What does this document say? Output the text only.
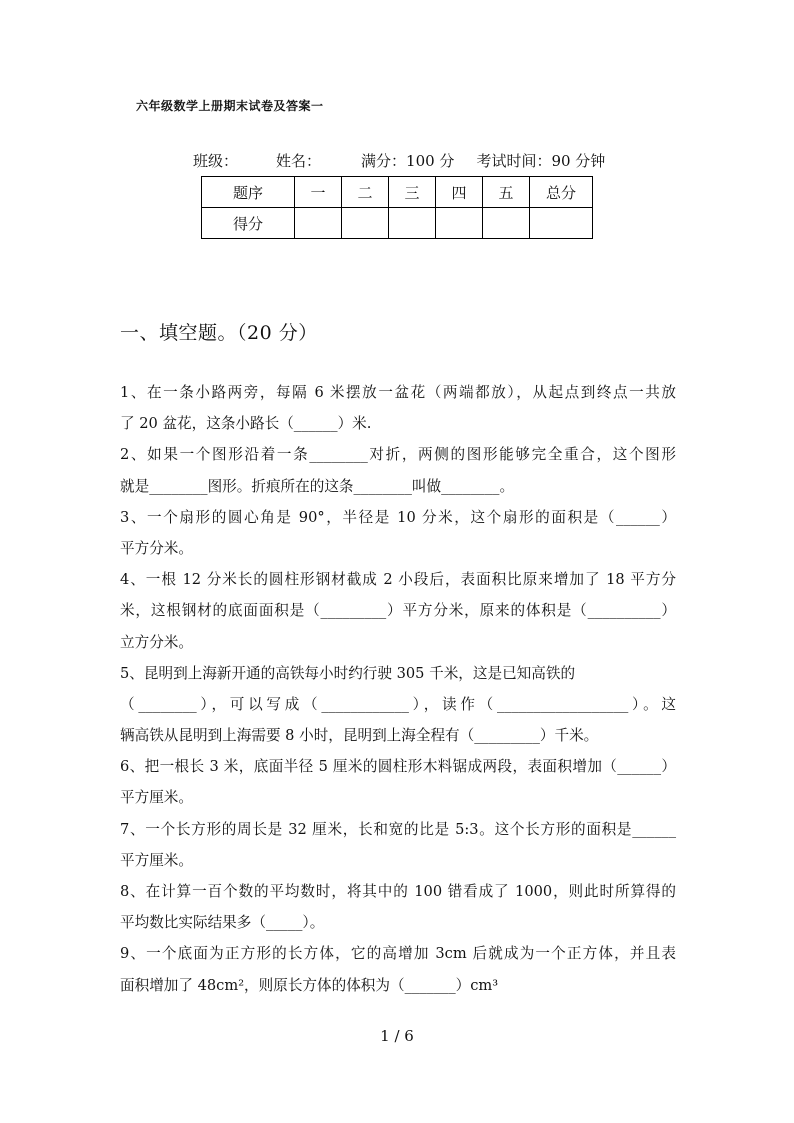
六年级数学上册期末试卷及答案一
班级：	姓名：	满分：100 分 考试时间：90 分钟
题序	一	二	三	四	五	总分
得分						
一、填空题。（20 分）
1、在一条小路两旁，每隔 6 米摆放一盆花（两端都放），从起点到终点一共放
了 20 盆花，这条小路长（______）米.
2、如果一个图形沿着一条________对折，两侧的图形能够完全重合，这个图形
就是________图形。折痕所在的这条________叫做________。
3、一个扇形的圆心角是 90°，半径是 10 分米，这个扇形的面积是（______）
平方分米。
4、一根 12 分米长的圆柱形钢材截成 2 小段后，表面积比原来增加了 18 平方分
米，这根钢材的底面面积是（_________）平方分米，原来的体积是（__________）
立方分米。
5、昆明到上海新开通的高铁每小时约行驶 305 千米，这是已知高铁的
（________），可以写成（____________），读作（__________________）。这
辆高铁从昆明到上海需要 8 小时，昆明到上海全程有（_________）千米。
6、把一根长 3 米，底面半径 5 厘米的圆柱形木料锯成两段，表面积增加（______）
平方厘米。
7、一个长方形的周长是 32 厘米，长和宽的比是 5:3。这个长方形的面积是______
平方厘米。
8、在计算一百个数的平均数时，将其中的 100 错看成了 1000，则此时所算得的
平均数比实际结果多（_____）。
9、一个底面为正方形的长方体，它的高增加 3cm 后就成为一个正方体，并且表
面积增加了 48cm²，则原长方体的体积为（_______）cm³
1 / 6
